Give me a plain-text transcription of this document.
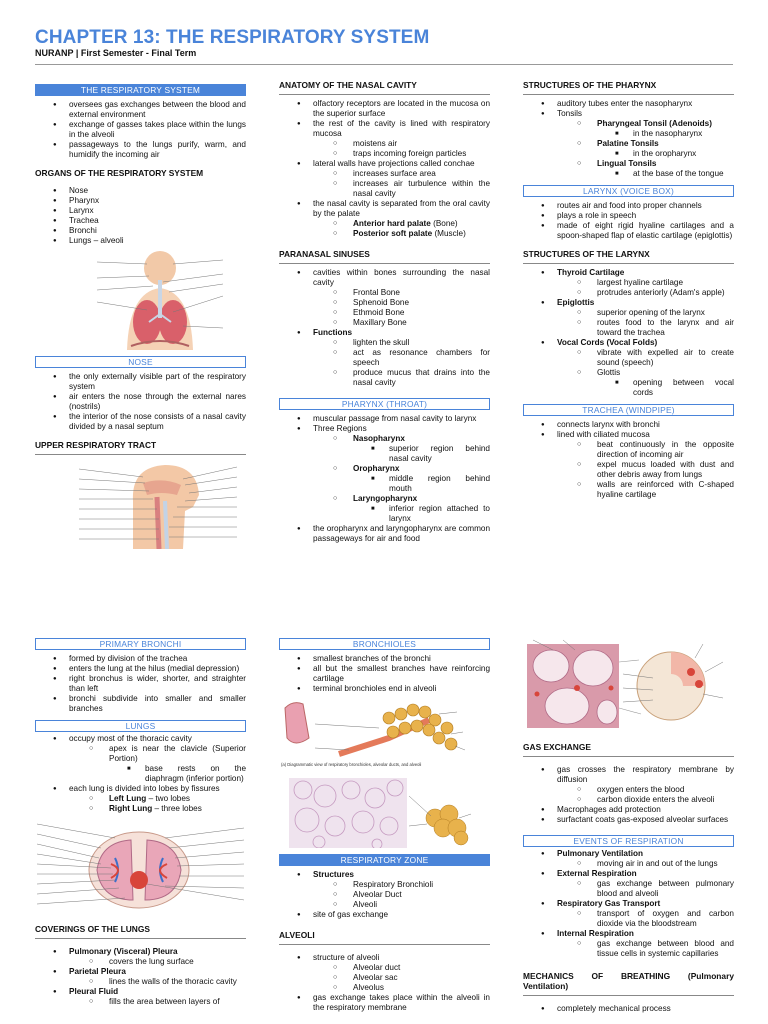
CHAPTER 13: THE RESPIRATORY SYSTEM
NURANP | First Semester - Final Term
THE RESPIRATORY SYSTEM
● oversees gas exchanges between the blood and external environment
● exchange of gasses takes place within the lungs in the alveoli
● passageways to the lungs purify, warm, and humidify the incoming air
ORGANS OF THE RESPIRATORY SYSTEM
● Nose
● Pharynx
● Larynx
● Trachea
● Bronchi
● Lungs – alveoli
NOSE
● the only externally visible part of the respiratory system
● air enters the nose through the external nares (nostrils)
● the interior of the nose consists of a nasal cavity divided by a nasal septum
UPPER RESPIRATORY TRACT
ANATOMY OF THE NASAL CAVITY
● olfactory receptors are located in the mucosa on the superior surface
● the rest of the cavity is lined with respiratory mucosa
○ moistens air
○ traps incoming foreign particles
● lateral walls have projections called conchae
○ increases surface area
○ increases air turbulence within the nasal cavity
● the nasal cavity is separated from the oral cavity by the palate
○ Anterior hard palate (Bone)
○ Posterior soft palate (Muscle)
PARANASAL SINUSES
● cavities within bones surrounding the nasal cavity
○ Frontal Bone
○ Sphenoid Bone
○ Ethmoid Bone
○ Maxillary Bone
● Functions
○ lighten the skull
○ act as resonance chambers for speech
○ produce mucus that drains into the nasal cavity
PHARYNX (THROAT)
● muscular passage from nasal cavity to larynx
● Three Regions
○ Nasopharynx
■ superior region behind nasal cavity
○ Oropharynx
■ middle region behind mouth
○ Laryngopharynx
■ inferior region attached to larynx
● the oropharynx and laryngopharynx are common passageways for air and food
STRUCTURES OF THE PHARYNX
● auditory tubes enter the nasopharynx
● Tonsils
○ Pharyngeal Tonsil (Adenoids)
■ in the nasopharynx
○ Palatine Tonsils
■ in the oropharynx
○ Lingual Tonsils
■ at the base of the tongue
LARYNX (VOICE BOX)
● routes air and food into proper channels
● plays a role in speech
● made of eight rigid hyaline cartilages and a spoon-shaped flap of elastic cartilage (epiglottis)
STRUCTURES OF THE LARYNX
● Thyroid Cartilage
○ largest hyaline cartilage
○ protrudes anteriorly (Adam's apple)
● Epiglottis
○ superior opening of the larynx
○ routes food to the larynx and air toward the trachea
● Vocal Cords (Vocal Folds)
○ vibrate with expelled air to create sound (speech)
○ Glottis
■ opening between vocal cords
TRACHEA (WINDPIPE)
● connects larynx with bronchi
● lined with ciliated mucosa
○ beat continuously in the opposite direction of incoming air
○ expel mucus loaded with dust and other debris away from lungs
○ walls are reinforced with C-shaped hyaline cartilage
PRIMARY BRONCHI
● formed by division of the trachea
● enters the lung at the hilus (medial depression)
● right bronchus is wider, shorter, and straighter than left
● bronchi subdivide into smaller and smaller branches
LUNGS
● occupy most of the thoracic cavity
○ apex is near the clavicle (Superior Portion)
■ base rests on the diaphragm (inferior portion)
● each lung is divided into lobes by fissures
○ Left Lung – two lobes
○ Right Lung – three lobes
COVERINGS OF THE LUNGS
● Pulmonary (Visceral) Pleura
○ covers the lung surface
● Parietal Pleura
○ lines the walls of the thoracic cavity
● Pleural Fluid
○ fills the area between layers of
BRONCHIOLES
● smallest branches of the bronchi
● all but the smallest branches have reinforcing cartilage
● terminal bronchioles end in alveoli
(a) Diagrammatic view of respiratory bronchioles, alveolar ducts, and alveoli
RESPIRATORY ZONE
● Structures
○ Respiratory Bronchioli
○ Alveolar Duct
○ Alveoli
● site of gas exchange
ALVEOLI
● structure of alveoli
○ Alveolar duct
○ Alveolar sac
○ Alveolus
● gas exchange takes place within the alveoli in the respiratory membrane
GAS EXCHANGE
● gas crosses the respiratory membrane by diffusion
○ oxygen enters the blood
○ carbon dioxide enters the alveoli
● Macrophages add protection
● surfactant coats gas-exposed alveolar surfaces
EVENTS OF RESPIRATION
● Pulmonary Ventilation
○ moving air in and out of the lungs
● External Respiration
○ gas exchange between pulmonary blood and alveoli
● Respiratory Gas Transport
○ transport of oxygen and carbon dioxide via the bloodstream
● Internal Respiration
○ gas exchange between blood and tissue cells in systemic capillaries
MECHANICS OF BREATHING (Pulmonary Ventilation)
● completely mechanical process
